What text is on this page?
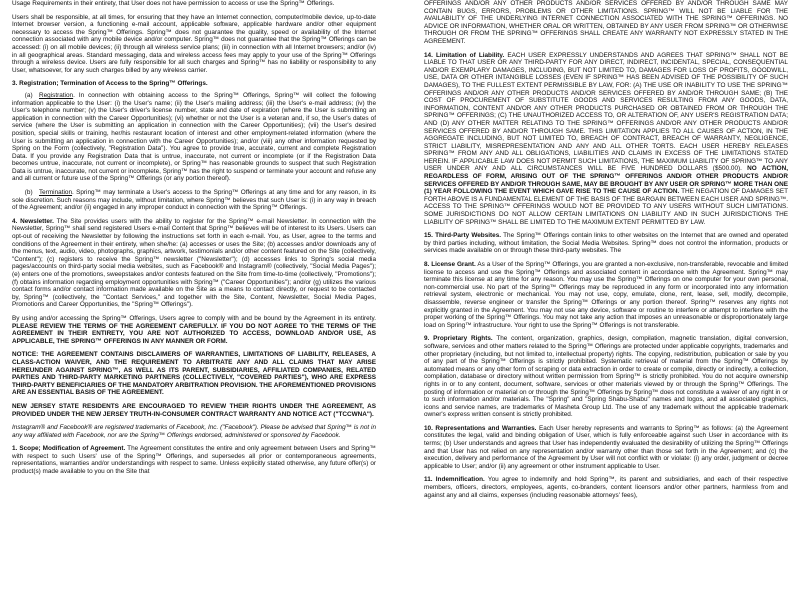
Usage Requirements in their entirety, that User does not have permission to access or use the Spring™ Offerings.

Users shall be responsible, at all times, for ensuring that they have an Internet connection, computer/mobile device, up-to-date Internet browser version, a functioning e-mail account, applicable software, applicable hardware and/or other equipment necessary to access the Spring™ Offerings. Spring™ does not guarantee the quality, speed or availability of the Internet connection associated with any mobile device and/or computer. Spring™ does not guarantee that the Spring™ Offerings can be accessed: (i) on all mobile devices; (ii) through all wireless service plans; (iii) in connection with all Internet browsers; and/or (iv) in all geographical areas. Standard messaging, data and wireless access fees may apply to your use of the Spring™ Offerings through a wireless device. Users are fully responsible for all such charges and Spring™ has no liability or responsibility to any User, whatsoever, for any such charges billed by any wireless carrier.

3. Registration; Termination of Access to the Spring™ Offerings.

  (a)  Registration. In connection with obtaining access to the Spring™ Offerings, Spring™ will collect the following information applicable to the User: (i) the User's name; (ii) the User's mailing address; (iii) the User's e-mail address; (iv) the User's telephone number; (v) the User's driver's license number, state and date of expiration (where the User is submitting an application in connection with the Career Opportunities); (vi) whether or not the User is a veteran and, if so, the User's dates of service (where the User is submitting an application in connection with the Career Opportunities); (vii) the User's desired position, special skills or training, her/his restaurant location of interest and other employment-related information (where the User is submitting an application in connection with the Career Opportunities); and/or (viii) any other information requested by Spring on the Form (collectively, "Registration Data"). You agree to provide true, accurate, current and complete Registration Data. If you provide any Registration Data that is untrue, inaccurate, not current or incomplete (or if the Registration Data becomes untrue, inaccurate, not current or incomplete), or Spring™ has reasonable grounds to suspect that such Registration Data is untrue, inaccurate, not current or incomplete, Spring™ has the right to suspend or terminate your account and refuse any and all current or future use of the Spring™ Offerings (or any portion thereof).

  (b)  Termination. Spring™ may terminate a User's access to the Spring™ Offerings at any time and for any reason, in its sole discretion. Such reasons may include, without limitation, where Spring™ believes that such User is: (i) in any way in breach of the Agreement; and/or (ii) engaged in any improper conduct in connection with the Spring™ Offerings.

4. Newsletter. The Site provides users with the ability to register for the Spring™ e-mail Newsletter. In connection with the Newsletter, Spring™ shall send registered Users e-mail Content that Spring™ believes will be of interest to its Users. Users can opt-out of receiving the Newsletter by following the instructions set forth in each e-mail. You, as User, agree to the terms and conditions of the Agreement in their entirety, when she/he: (a) accesses or uses the Site; (b) accesses and/or downloads any of the menus, text, audio, video, photographs, graphics, artwork, testimonials and/or other content featured on the Site (collectively, "Content"); (c) registers to receive the Spring™ newsletter ("Newsletter"); (d) accesses links to Spring's social media pages/accounts on third-party social media websites, such as Facebook® and Instagram® (collectively, "Social Media Pages"); (e) enters one of the promotions, sweepstakes and/or contests featured on the Site from time-to-time (collectively, "Promotions"); (f) obtains information regarding employment opportunities with Spring™ ("Career Opportunities"); and/or (g) utilizes the various contact forms and/or contact information made available on the Site as a means to contact directly, or request to be contacted by, Spring™ (collectively, the "Contact Services," and together with the Site, Content, Newsletter, Social Media Pages, Promotions and Career Opportunities, the "Spring™ Offerings").

By using and/or accessing the Spring™ Offerings, Users agree to comply with and be bound by the Agreement in its entirety. PLEASE REVIEW THE TERMS OF THE AGREEMENT CAREFULLY. IF YOU DO NOT AGREE TO THE TERMS OF THE AGREEMENT IN THEIR ENTIRETY, YOU ARE NOT AUTHORIZED TO ACCESS, DOWNLOAD AND/OR USE, AS APPLICABLE, THE SPRING™ OFFERINGS IN ANY MANNER OR FORM.

NOTICE: THE AGREEMENT CONTAINS DISCLAIMERS OF WARRANTIES, LIMITATIONS OF LIABILITY, RELEASES, A CLASS-ACTION WAIVER, AND THE REQUIREMENT TO ARBITRATE ANY AND ALL CLAIMS THAT MAY ARISE HEREUNDER AGAINST SPRING™, AS WELL AS ITS PARENT, SUBSIDIARIES, AFFILIATED COMPANIES, RELATED PARTIES AND THIRD-PARTY MARKETING PARTNERS (COLLECTIVELY, "COVERED PARTIES"), WHO ARE EXPRESS THIRD-PARTY BENEFICIARIES OF THE MANDATORY ARBITRATION PROVISION. THE AFOREMENTIONED PROVISIONS ARE AN ESSENTIAL BASIS OF THE AGREEMENT.

NEW JERSEY STATE RESIDENTS ARE ENCOURAGED TO REVIEW THEIR RIGHTS UNDER THE AGREEMENT, AS PROVIDED UNDER THE NEW JERSEY TRUTH-IN-CONSUMER CONTRACT WARRANTY AND NOTICE ACT ("TCCWNA").

Instagram® and Facebook® are registered trademarks of Facebook, Inc. ("Facebook"). Please be advised that Spring™ is not in any way affiliated with Facebook, nor are the Spring™ Offerings endorsed, administered or sponsored by Facebook.

1. Scope; Modification of Agreement. The Agreement constitutes the entire and only agreement between Users and Spring™ with respect to such Users' use of the Spring™ Offerings, and supersedes all prior or contemporaneous agreements, representations, warranties and/or understandings with respect to same. Unless explicitly stated otherwise, any future offer(s) or product(s) made available to you on the Site that

OFFERINGS AND/OR ANY OTHER PRODUCTS AND/OR SERVICES OFFERED BY AND/OR THROUGH SAME MAY CONTAIN BUGS, ERRORS, PROBLEMS OR OTHER LIMITATIONS. SPRING™ WILL NOT BE LIABLE FOR THE AVAILABILITY OF THE UNDERLYING INTERNET CONNECTION ASSOCIATED WITH THE SPRING™ OFFERINGS. NO ADVICE OR INFORMATION, WHETHER ORAL OR WRITTEN, OBTAINED BY ANY USER FROM SPRING™ OR OTHERWISE THROUGH OR FROM THE SPRING™ OFFERINGS SHALL CREATE ANY WARRANTY NOT EXPRESSLY STATED IN THE AGREEMENT.

14. Limitation of Liability. EACH USER EXPRESSLY UNDERSTANDS AND AGREES THAT SPRING™ SHALL NOT BE LIABLE TO THAT USER OR ANY THIRD-PARTY FOR ANY DIRECT, INDIRECT, INCIDENTAL, SPECIAL, CONSEQUENTIAL AND/OR EXEMPLARY DAMAGES, INCLUDING, BUT NOT LIMITED TO, DAMAGES FOR LOSS OF PROFITS, GOODWILL, USE, DATA OR OTHER INTANGIBLE LOSSES (EVEN IF SPRING™ HAS BEEN ADVISED OF THE POSSIBILITY OF SUCH DAMAGES), TO THE FULLEST EXTENT PERMISSIBLE BY LAW, FOR: (A) THE USE OR INABILITY TO USE THE SPRING™ OFFERINGS AND/OR ANY OTHER PRODUCTS AND/OR SERVICES OFFERED BY AND/OR THROUGH SAME; (B) THE COST OF PROCUREMENT OF SUBSTITUTE GOODS AND SERVICES RESULTING FROM ANY GOODS, DATA, INFORMATION, CONTENT AND/OR ANY OTHER PRODUCTS PURCHASED OR OBTAINED FROM OR THROUGH THE SPRING™ OFFERINGS; (C) THE UNAUTHORIZED ACCESS TO, OR ALTERATION OF, ANY USER'S REGISTRATION DATA; AND (D) ANY OTHER MATTER RELATING TO THE SPRING™ OFFERINGS AND/OR ANY OTHER PRODUCTS AND/OR SERVICES OFFERED BY AND/OR THROUGH SAME. THIS LIMITATION APPLIES TO ALL CAUSES OF ACTION, IN THE AGGREGATE INCLUDING, BUT NOT LIMITED TO, BREACH OF CONTRACT, BREACH OF WARRANTY, NEGLIGENCE, STRICT LIABILITY, MISREPRESENTATION AND ANY AND ALL OTHER TORTS. EACH USER HEREBY RELEASES SPRING™ FROM ANY AND ALL OBLIGATIONS, LIABILITIES AND CLAIMS IN EXCESS OF THE LIMITATIONS STATED HEREIN. IF APPLICABLE LAW DOES NOT PERMIT SUCH LIMITATIONS, THE MAXIMUM LIABILITY OF SPRING™ TO ANY USER UNDER ANY AND ALL CIRCUMSTANCES WILL BE FIVE HUNDRED DOLLARS ($500.00). NO ACTION, REGARDLESS OF FORM, ARISING OUT OF THE SPRING™ OFFERINGS AND/OR OTHER PRODUCTS AND/OR SERVICES OFFERED BY AND/OR THROUGH SAME, MAY BE BROUGHT BY ANY USER OR SPRING™ MORE THAN ONE (1) YEAR FOLLOWING THE EVENT WHICH GAVE RISE TO THE CAUSE OF ACTION. THE NEGATION OF DAMAGES SET FORTH ABOVE IS A FUNDAMENTAL ELEMENT OF THE BASIS OF THE BARGAIN BETWEEN EACH USER AND SPRING™. ACCESS TO THE SPRING™ OFFERINGS WOULD NOT BE PROVIDED TO ANY USERS WITHOUT SUCH LIMITATIONS. SOME JURISDICTIONS DO NOT ALLOW CERTAIN LIMITATIONS ON LIABILITY AND IN SUCH JURISDICTIONS THE LIABILITY OF SPRING™ SHALL BE LIMITED TO THE MAXIMUM EXTENT PERMITTED BY LAW.

15. Third-Party Websites. The Spring™ Offerings contain links to other websites on the Internet that are owned and operated by third parties including, without limitation, the Social Media Websites. Spring™ does not control the information, products or services made available on or through these third-party websites. The

8. License Grant. As a User of the Spring™ Offerings, you are granted a non-exclusive, non-transferable, revocable and limited license to access and use the Spring™ Offerings and associated content in accordance with the Agreement. Spring™ may terminate this license at any time for any reason. You may use the Spring™ Offerings on one computer for your own personal, non-commercial use. No part of the Spring™ Offerings may be reproduced in any form or incorporated into any information retrieval system, electronic or mechanical. You may not use, copy, emulate, clone, rent, lease, sell, modify, decompile, disassemble, reverse engineer or transfer the Spring™ Offerings or any portion thereof. Spring™ reserves any rights not explicitly granted in the Agreement. You may not use any device, software or routine to interfere or attempt to interfere with the proper working of the Spring™ Offerings. You may not take any action that imposes an unreasonable or disproportionately large load on Spring™ infrastructure. Your right to use the Spring™ Offerings is not transferable.

9. Proprietary Rights. The content, organization, graphics, design, compilation, magnetic translation, digital conversion, software, services and other matters related to the Spring™ Offerings are protected under applicable copyrights, trademarks and other proprietary (including, but not limited to, intellectual property) rights. The copying, redistribution, publication or sale by you of any part of the Spring™ Offerings is strictly prohibited. Systematic retrieval of material from the Spring™ Offerings by automated means or any other form of scraping or data extraction in order to create or compile, directly or indirectly, a collection, compilation, database or directory without written permission from Spring™ is strictly prohibited. You do not acquire ownership rights in or to any content, document, software, services or other materials viewed by or through the Spring™ Offerings. The posting of information or material on or through the Spring™ Offerings by Spring™ does not constitute a waiver of any right in or to such information and/or materials. The "Spring" and "Spring Shabu-Shabu" names and logos, and all associated graphics, icons and service names, are trademarks of Masheta Group Ltd. The use of any trademark without the applicable trademark owner's express written consent is strictly prohibited.

10. Representations and Warranties. Each User hereby represents and warrants to Spring™ as follows: (a) the Agreement constitutes the legal, valid and binding obligation of User, which is fully enforceable against such User in accordance with its terms; (b) User understands and agrees that User has independently evaluated the desirability of utilizing the Spring™ Offerings and that User has not relied on any representation and/or warranty other than those set forth in the Agreement; and (c) the execution, delivery and performance of the Agreement by User will not conflict with or violate: (i) any order, judgment or decree applicable to User; and/or (ii) any agreement or other instrument applicable to User.

11. Indemnification. You agree to indemnify and hold Spring™, its parent and subsidiaries, and each of their respective members, officers, directors, employees, agents, co-branders, content licensors and/or other partners, harmless from and against any and all claims, expenses (including reasonable attorneys' fees),
